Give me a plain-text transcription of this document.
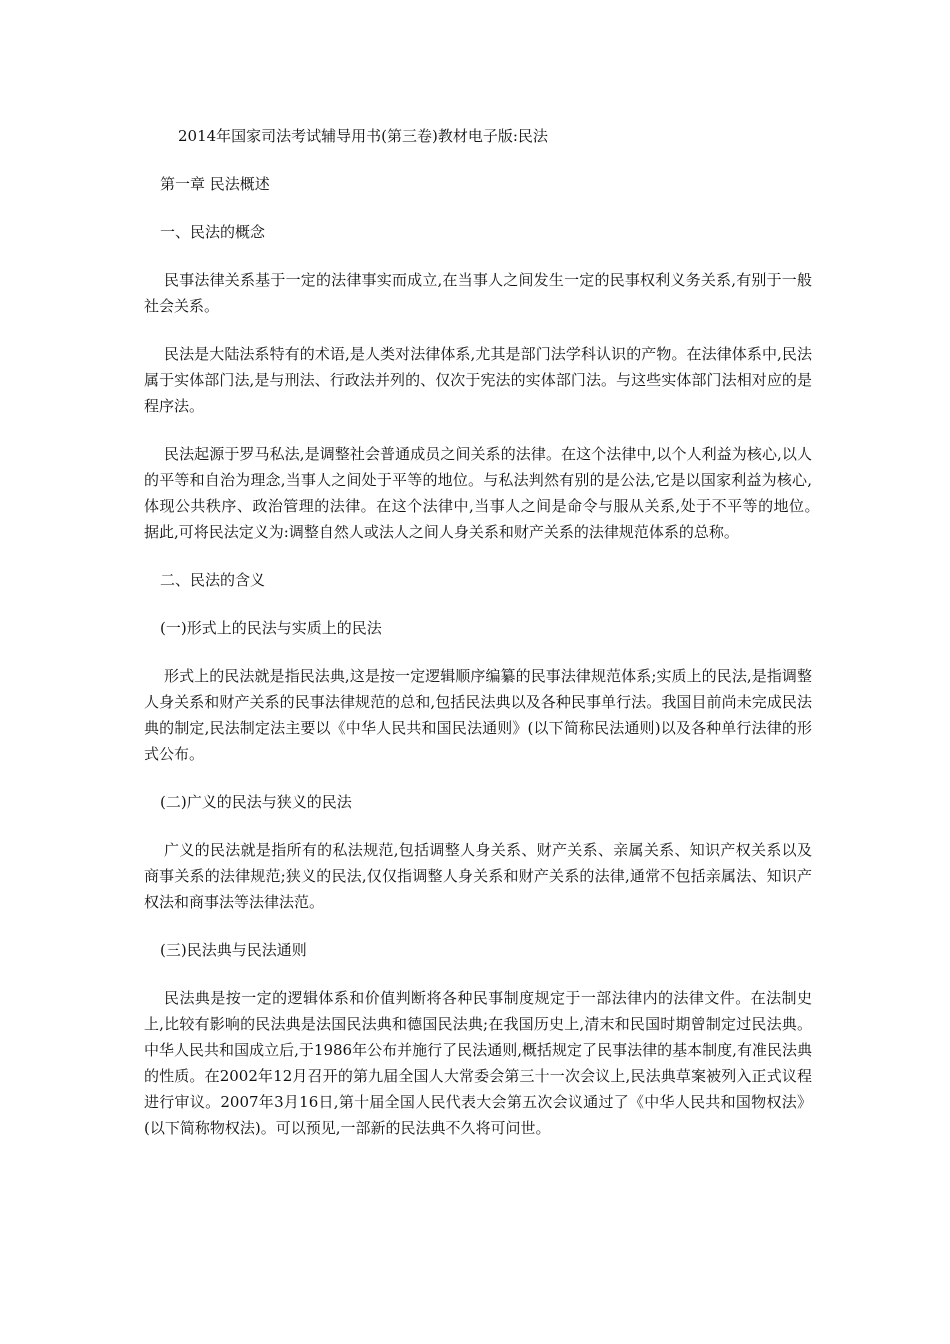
2014年国家司法考试辅导用书(第三卷)教材电子版:民法
第一章 民法概述
一、民法的概念

民事法律关系基于一定的法律事实而成立,在当事人之间发生一定的民事权利义务关系,有别于一般社会关系。

民法是大陆法系特有的术语,是人类对法律体系,尤其是部门法学科认识的产物。在法律体系中,民法属于实体部门法,是与刑法、行政法并列的、仅次于宪法的实体部门法。与这些实体部门法相对应的是程序法。

民法起源于罗马私法,是调整社会普通成员之间关系的法律。在这个法律中,以个人利益为核心,以人的平等和自治为理念,当事人之间处于平等的地位。与私法判然有别的是公法,它是以国家利益为核心,体现公共秩序、政治管理的法律。在这个法律中,当事人之间是命令与服从关系,处于不平等的地位。　据此,可将民法定义为:调整自然人或法人之间人身关系和财产关系的法律规范体系的总称。

二、民法的含义
(一)形式上的民法与实质上的民法

形式上的民法就是指民法典,这是按一定逻辑顺序编纂的民事法律规范体系;实质上的民法,是指调整人身关系和财产关系的民事法律规范的总和,包括民法典以及各种民事单行法。我国目前尚未完成民法典的制定,民法制定法主要以《中华人民共和国民法通则》(以下简称民法通则)以及各种单行法律的形式公布。

(二)广义的民法与狭义的民法

广义的民法就是指所有的私法规范,包括调整人身关系、财产关系、亲属关系、知识产权关系以及商事关系的法律规范;狭义的民法,仅仅指调整人身关系和财产关系的法律,通常不包括亲属法、知识产权法和商事法等法律法范。

(三)民法典与民法通则

民法典是按一定的逻辑体系和价值判断将各种民事制度规定于一部法律内的法律文件。在法制史上,比较有影响的民法典是法国民法典和德国民法典;在我国历史上,清末和民国时期曾制定过民法典。中华人民共和国成立后,于1986年公布并施行了民法通则,概括规定了民事法律的基本制度,有准民法典的性质。在2002年12月召开的第九届全国人大常委会第三十一次会议上,民法典草案被列入正式议程进行审议。2007年3月16日,第十届全国人民代表大会第五次会议通过了《中华人民共和国物权法》(以下简称物权法)。可以预见,一部新的民法典不久将可问世。
